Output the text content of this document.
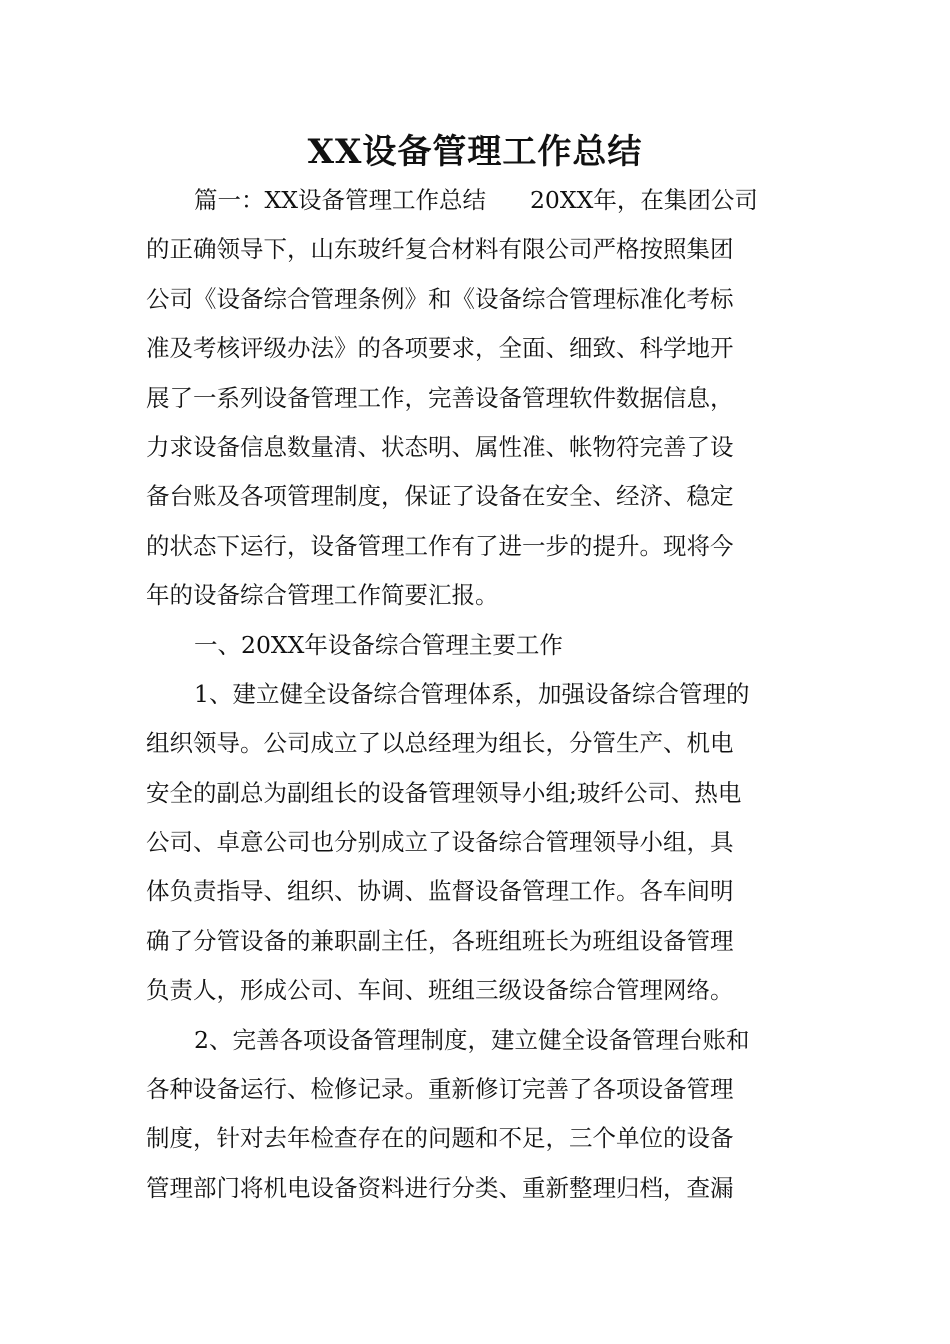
XX设备管理工作总结
篇一：XX设备管理工作总结 20XX年，在集团公司
的正确领导下，山东玻纤复合材料有限公司严格按照集团
公司《设备综合管理条例》和《设备综合管理标准化考标
准及考核评级办法》的各项要求，全面、细致、科学地开
展了一系列设备管理工作，完善设备管理软件数据信息，
力求设备信息数量清、状态明、属性准、帐物符完善了设
备台账及各项管理制度，保证了设备在安全、经济、稳定
的状态下运行，设备管理工作有了进一步的提升。现将今
年的设备综合管理工作简要汇报。
一、20XX年设备综合管理主要工作
1、建立健全设备综合管理体系，加强设备综合管理的
组织领导。公司成立了以总经理为组长，分管生产、机电
安全的副总为副组长的设备管理领导小组;玻纤公司、热电
公司、卓意公司也分别成立了设备综合管理领导小组，具
体负责指导、组织、协调、监督设备管理工作。各车间明
确了分管设备的兼职副主任，各班组班长为班组设备管理
负责人，形成公司、车间、班组三级设备综合管理网络。
2、完善各项设备管理制度，建立健全设备管理台账和
各种设备运行、检修记录。重新修订完善了各项设备管理
制度，针对去年检查存在的问题和不足，三个单位的设备
管理部门将机电设备资料进行分类、重新整理归档，查漏
